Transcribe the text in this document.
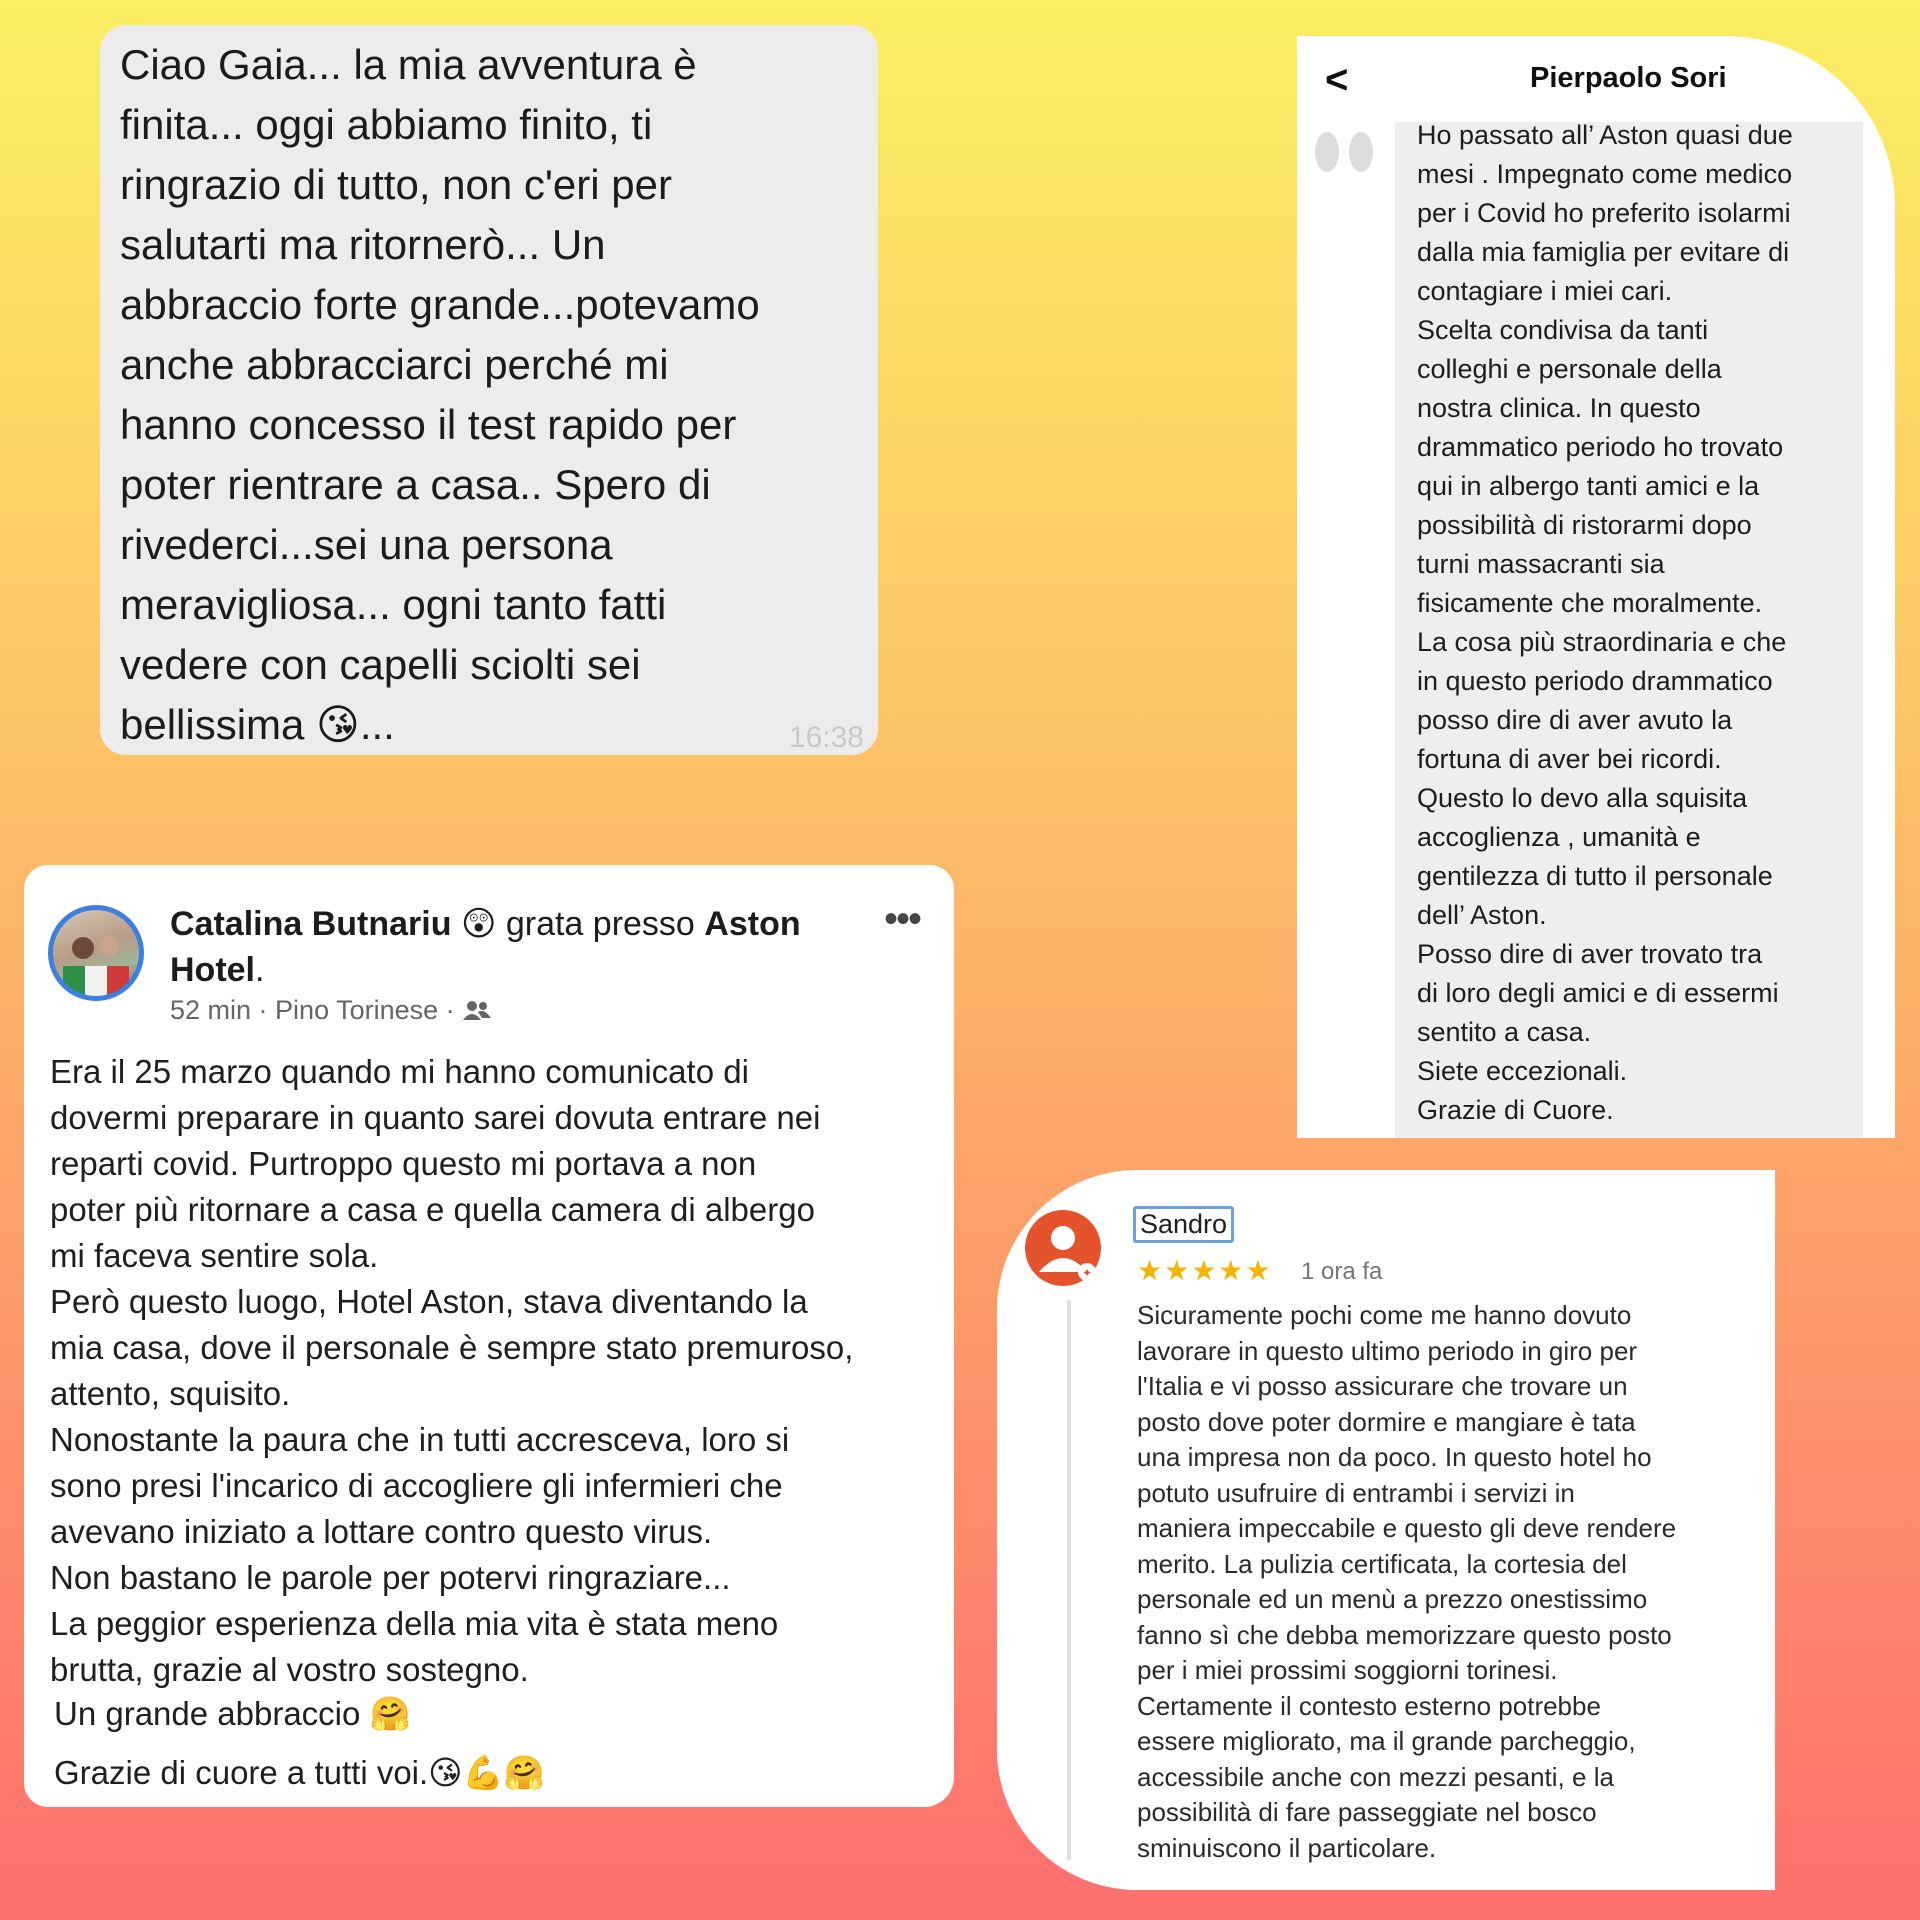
Ciao Gaia... la mia avventura è
finita... oggi abbiamo finito, ti
ringrazio di tutto, non c'eri per
salutarti ma ritornerò... Un
abbraccio forte grande...potevamo
anche abbracciarci perché mi
hanno concesso il test rapido per
poter rientrare a casa.. Spero di
rivederci...sei una persona
meravigliosa... ogni tanto fatti
vedere con capelli sciolti sei
bellissima 😘...	16:38
<	Pierpaolo Sori
Ho passato all’ Aston quasi due
mesi . Impegnato come medico
per i Covid ho preferito isolarmi
dalla mia famiglia per evitare di
contagiare i miei cari.
Scelta condivisa da tanti
colleghi e personale della
nostra clinica. In questo
drammatico periodo ho trovato
qui in albergo tanti amici e la
possibilità di ristorarmi dopo
turni massacranti sia
fisicamente che moralmente.
La cosa più straordinaria e che
in questo periodo drammatico
posso dire di aver avuto la
fortuna di aver bei ricordi.
Questo lo devo alla squisita
accoglienza , umanità e
gentilezza di tutto il personale
dell’ Aston.
Posso dire di aver trovato tra
di loro degli amici e di essermi
sentito a casa.
Siete eccezionali.
Grazie di Cuore.
Catalina Butnariu 😲 grata presso Aston Hotel.
•••
52 min · Pino Torinese ·
Era il 25 marzo quando mi hanno comunicato di
dovermi preparare in quanto sarei dovuta entrare nei
reparti covid. Purtroppo questo mi portava a non
poter più ritornare a casa e quella camera di albergo
mi faceva sentire sola.
Però questo luogo, Hotel Aston, stava diventando la
mia casa, dove il personale è sempre stato premuroso,
attento, squisito.
Nonostante la paura che in tutti accresceva, loro si
sono presi l'incarico di accogliere gli infermieri che
avevano iniziato a lottare contro questo virus.
Non bastano le parole per potervi ringraziare...
La peggior esperienza della mia vita è stata meno
brutta, grazie al vostro sostegno.
Un grande abbraccio 🤗
Grazie di cuore a tutti voi.😘💪🤗
✦
Sandro
★★★★★ 1 ora fa
Sicuramente pochi come me hanno dovuto
lavorare in questo ultimo periodo in giro per
l'Italia e vi posso assicurare che trovare un
posto dove poter dormire e mangiare è tata
una impresa non da poco. In questo hotel ho
potuto usufruire di entrambi i servizi in
maniera impeccabile e questo gli deve rendere
merito. La pulizia certificata, la cortesia del
personale ed un menù a prezzo onestissimo
fanno sì che debba memorizzare questo posto
per i miei prossimi soggiorni torinesi.
Certamente il contesto esterno potrebbe
essere migliorato, ma il grande parcheggio,
accessibile anche con mezzi pesanti, e la
possibilità di fare passeggiate nel bosco
sminuiscono il particolare.
